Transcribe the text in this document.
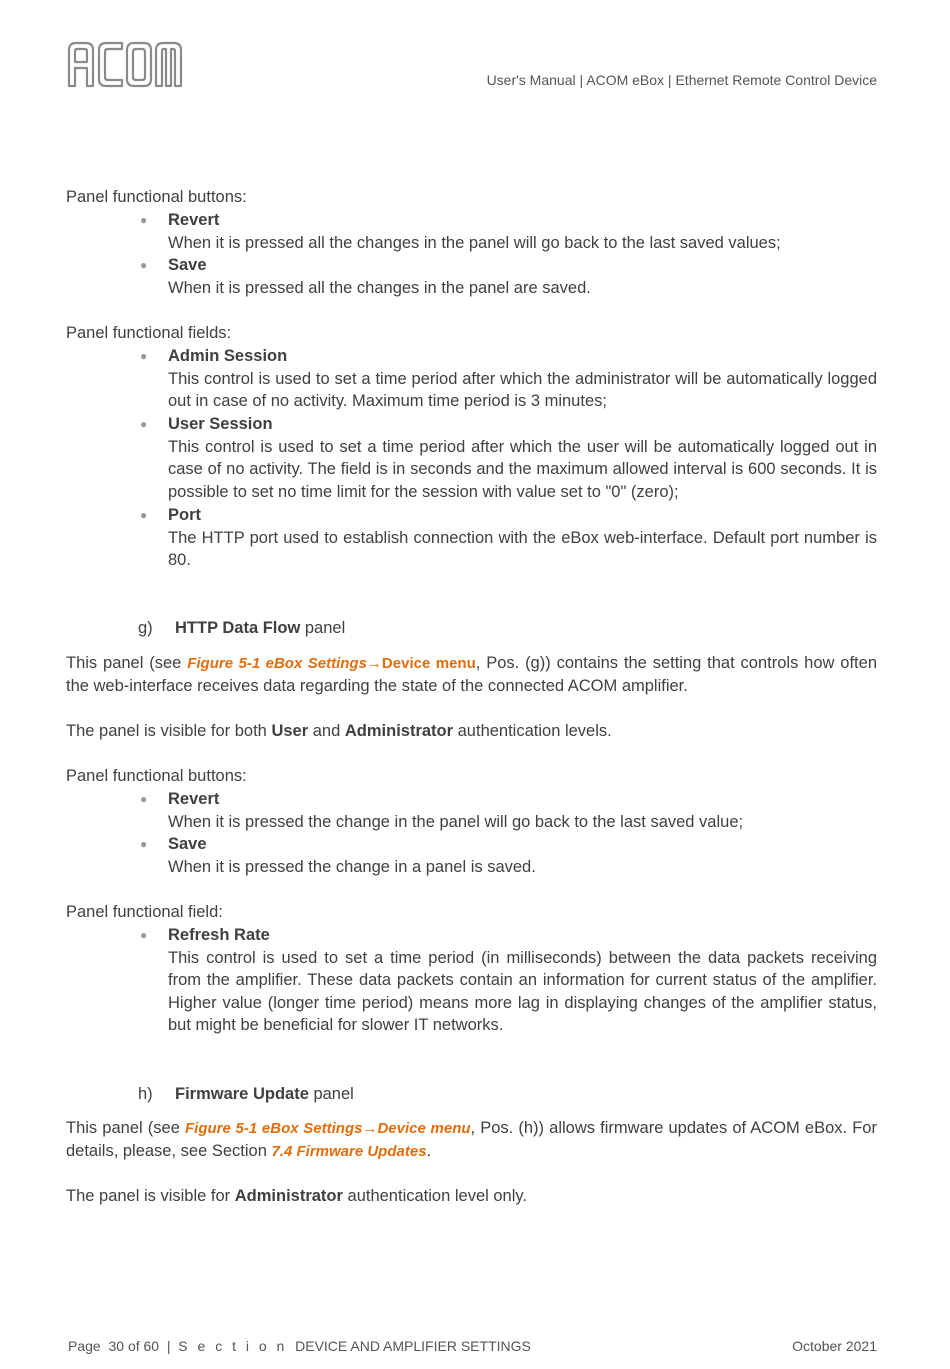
User's Manual | ACOM eBox | Ethernet Remote Control Device
Panel functional buttons:
● Revert
When it is pressed all the changes in the panel will go back to the last saved values;
● Save
When it is pressed all the changes in the panel are saved.
Panel functional fields:
● Admin Session
This control is used to set a time period after which the administrator will be automatically logged out in case of no activity. Maximum time period is 3 minutes;
● User Session
This control is used to set a time period after which the user will be automatically logged out in case of no activity. The field is in seconds and the maximum allowed interval is 600 seconds. It is possible to set no time limit for the session with value set to "0" (zero);
● Port
The HTTP port used to establish connection with the eBox web-interface. Default port number is 80.
g) HTTP Data Flow panel
This panel (see Figure 5-1 eBox Settings→Device menu, Pos. (g)) contains the setting that controls how often the web-interface receives data regarding the state of the connected ACOM amplifier.
The panel is visible for both User and Administrator authentication levels.
Panel functional buttons:
● Revert
When it is pressed the change in the panel will go back to the last saved value;
● Save
When it is pressed the change in a panel is saved.
Panel functional field:
● Refresh Rate
This control is used to set a time period (in milliseconds) between the data packets receiving from the amplifier. These data packets contain an information for current status of the amplifier. Higher value (longer time period) means more lag in displaying changes of the amplifier status, but might be beneficial for slower IT networks.
h) Firmware Update panel
This panel (see Figure 5-1 eBox Settings→Device menu, Pos. (h)) allows firmware updates of ACOM eBox. For details, please, see Section 7.4 Firmware Updates.
The panel is visible for Administrator authentication level only.
Page 30 of 60 | S e c t i o n DEVICE AND AMPLIFIER SETTINGS	October 2021
